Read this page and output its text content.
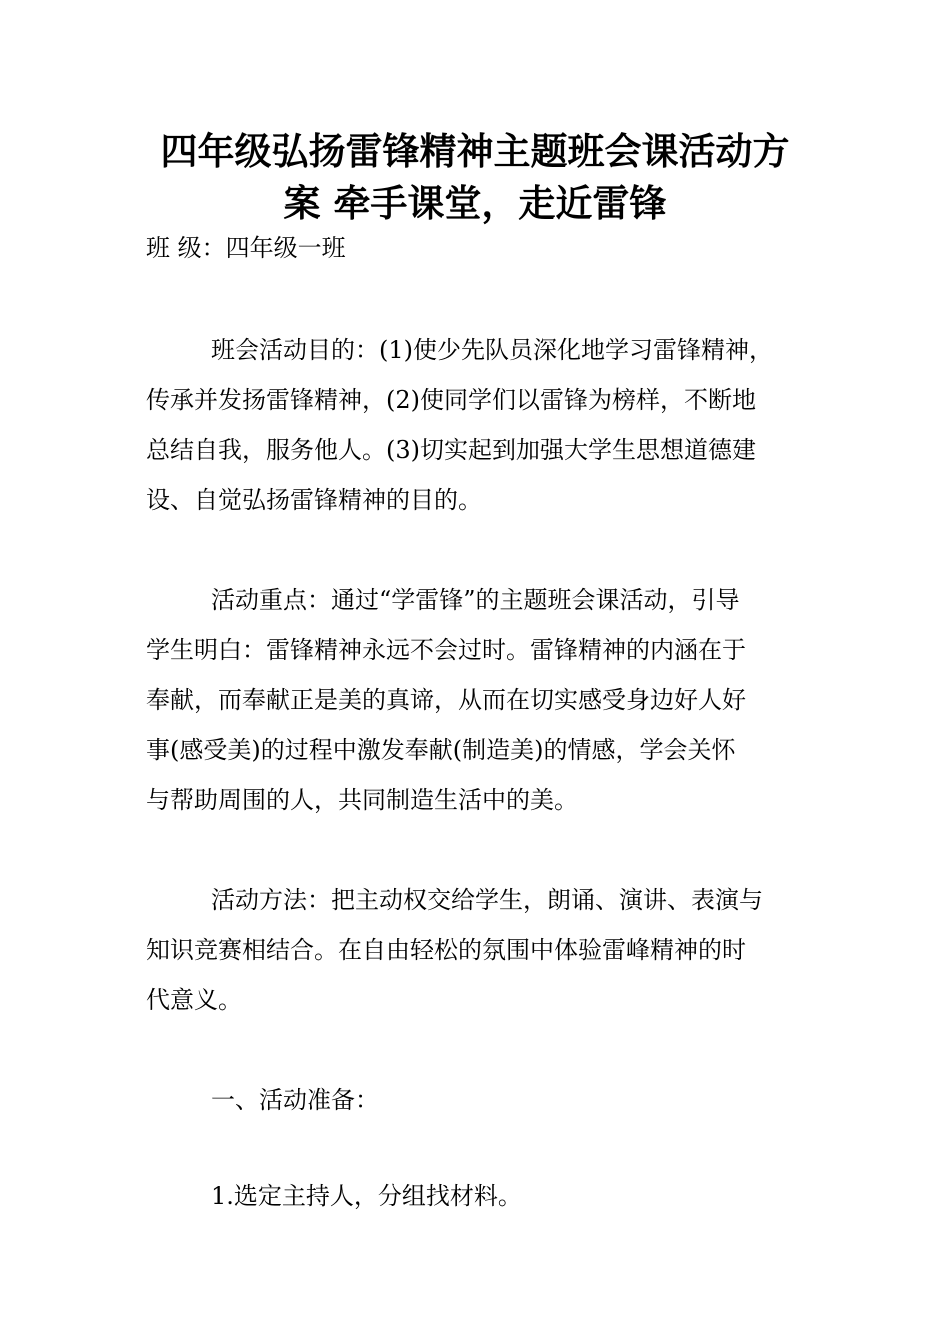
四年级弘扬雷锋精神主题班会课活动方
案 牵手课堂，走近雷锋

班 级：四年级一班

班会活动目的：(1)使少先队员深化地学习雷锋精神，

传承并发扬雷锋精神，(2)使同学们以雷锋为榜样，不断地

总结自我，服务他人。(3)切实起到加强大学生思想道德建

设、自觉弘扬雷锋精神的目的。

活动重点：通过“学雷锋”的主题班会课活动，引导

学生明白：雷锋精神永远不会过时。雷锋精神的内涵在于

奉献，而奉献正是美的真谛，从而在切实感受身边好人好

事(感受美)的过程中激发奉献(制造美)的情感，学会关怀

与帮助周围的人，共同制造生活中的美。

活动方法：把主动权交给学生，朗诵、演讲、表演与

知识竞赛相结合。在自由轻松的氛围中体验雷峰精神的时

代意义。

一、活动准备：

1.选定主持人，分组找材料。
